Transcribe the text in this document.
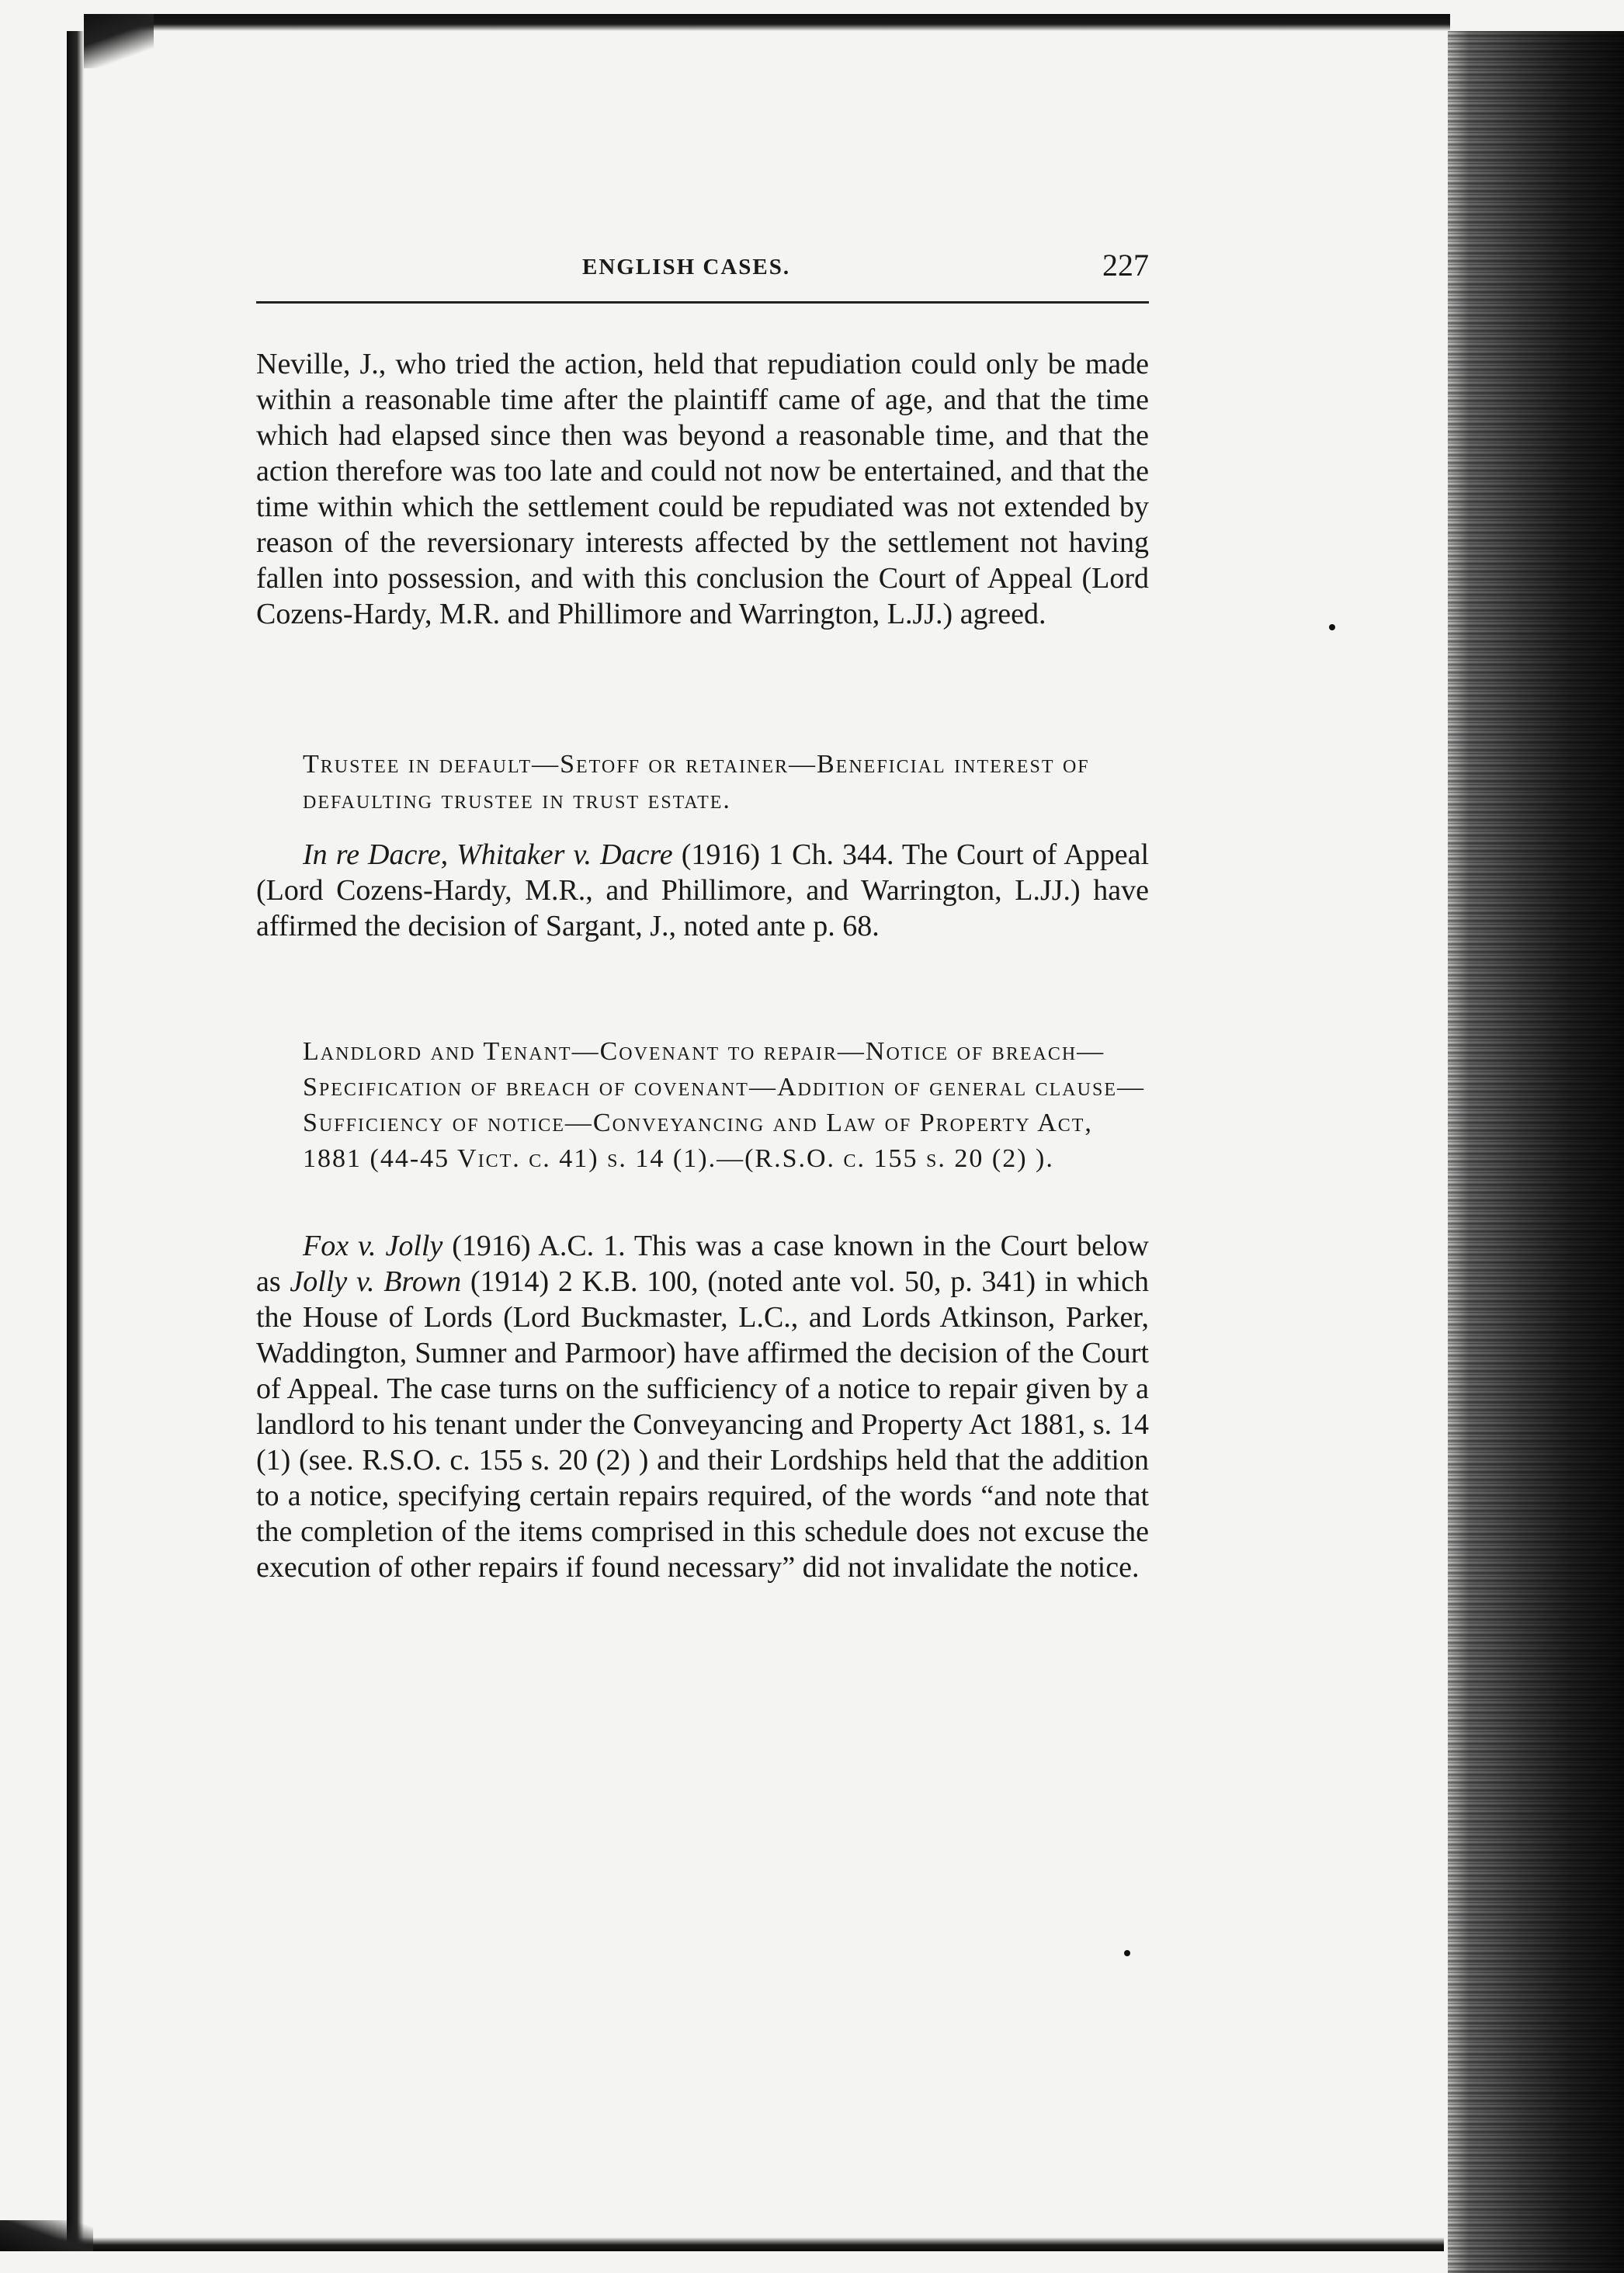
ENGLISH CASES.	227
Neville, J., who tried the action, held that repudiation could only be made within a reasonable time after the plaintiff came of age, and that the time which had elapsed since then was beyond a reasonable time, and that the action therefore was too late and could not now be entertained, and that the time within which the settlement could be repudiated was not extended by reason of the reversionary interests affected by the settlement not having fallen into possession, and with this conclusion the Court of Appeal (Lord Cozens-Hardy, M.R. and Phillimore and Warrington, L.JJ.) agreed.
Trustee in default—Setoff or retainer—Beneficial interest of defaulting trustee in trust estate.
In re Dacre, Whitaker v. Dacre (1916) 1 Ch. 344. The Court of Appeal (Lord Cozens-Hardy, M.R., and Phillimore, and Warrington, L.JJ.) have affirmed the decision of Sargant, J., noted ante p. 68.
Landlord and Tenant—Covenant to repair—Notice of breach—Specification of breach of covenant—Addition of general clause—Sufficiency of notice—Conveyancing and Law of Property Act, 1881 (44-45 Vict. c. 41) s. 14 (1).—(R.S.O. c. 155 s. 20 (2) ).
Fox v. Jolly (1916) A.C. 1. This was a case known in the Court below as Jolly v. Brown (1914) 2 K.B. 100, (noted ante vol. 50, p. 341) in which the House of Lords (Lord Buckmaster, L.C., and Lords Atkinson, Parker, Waddington, Sumner and Parmoor) have affirmed the decision of the Court of Appeal. The case turns on the sufficiency of a notice to repair given by a landlord to his tenant under the Conveyancing and Property Act 1881, s. 14 (1) (see. R.S.O. c. 155 s. 20 (2) ) and their Lordships held that the addition to a notice, specifying certain repairs required, of the words “and note that the completion of the items comprised in this schedule does not excuse the execution of other repairs if found necessary” did not invalidate the notice.
